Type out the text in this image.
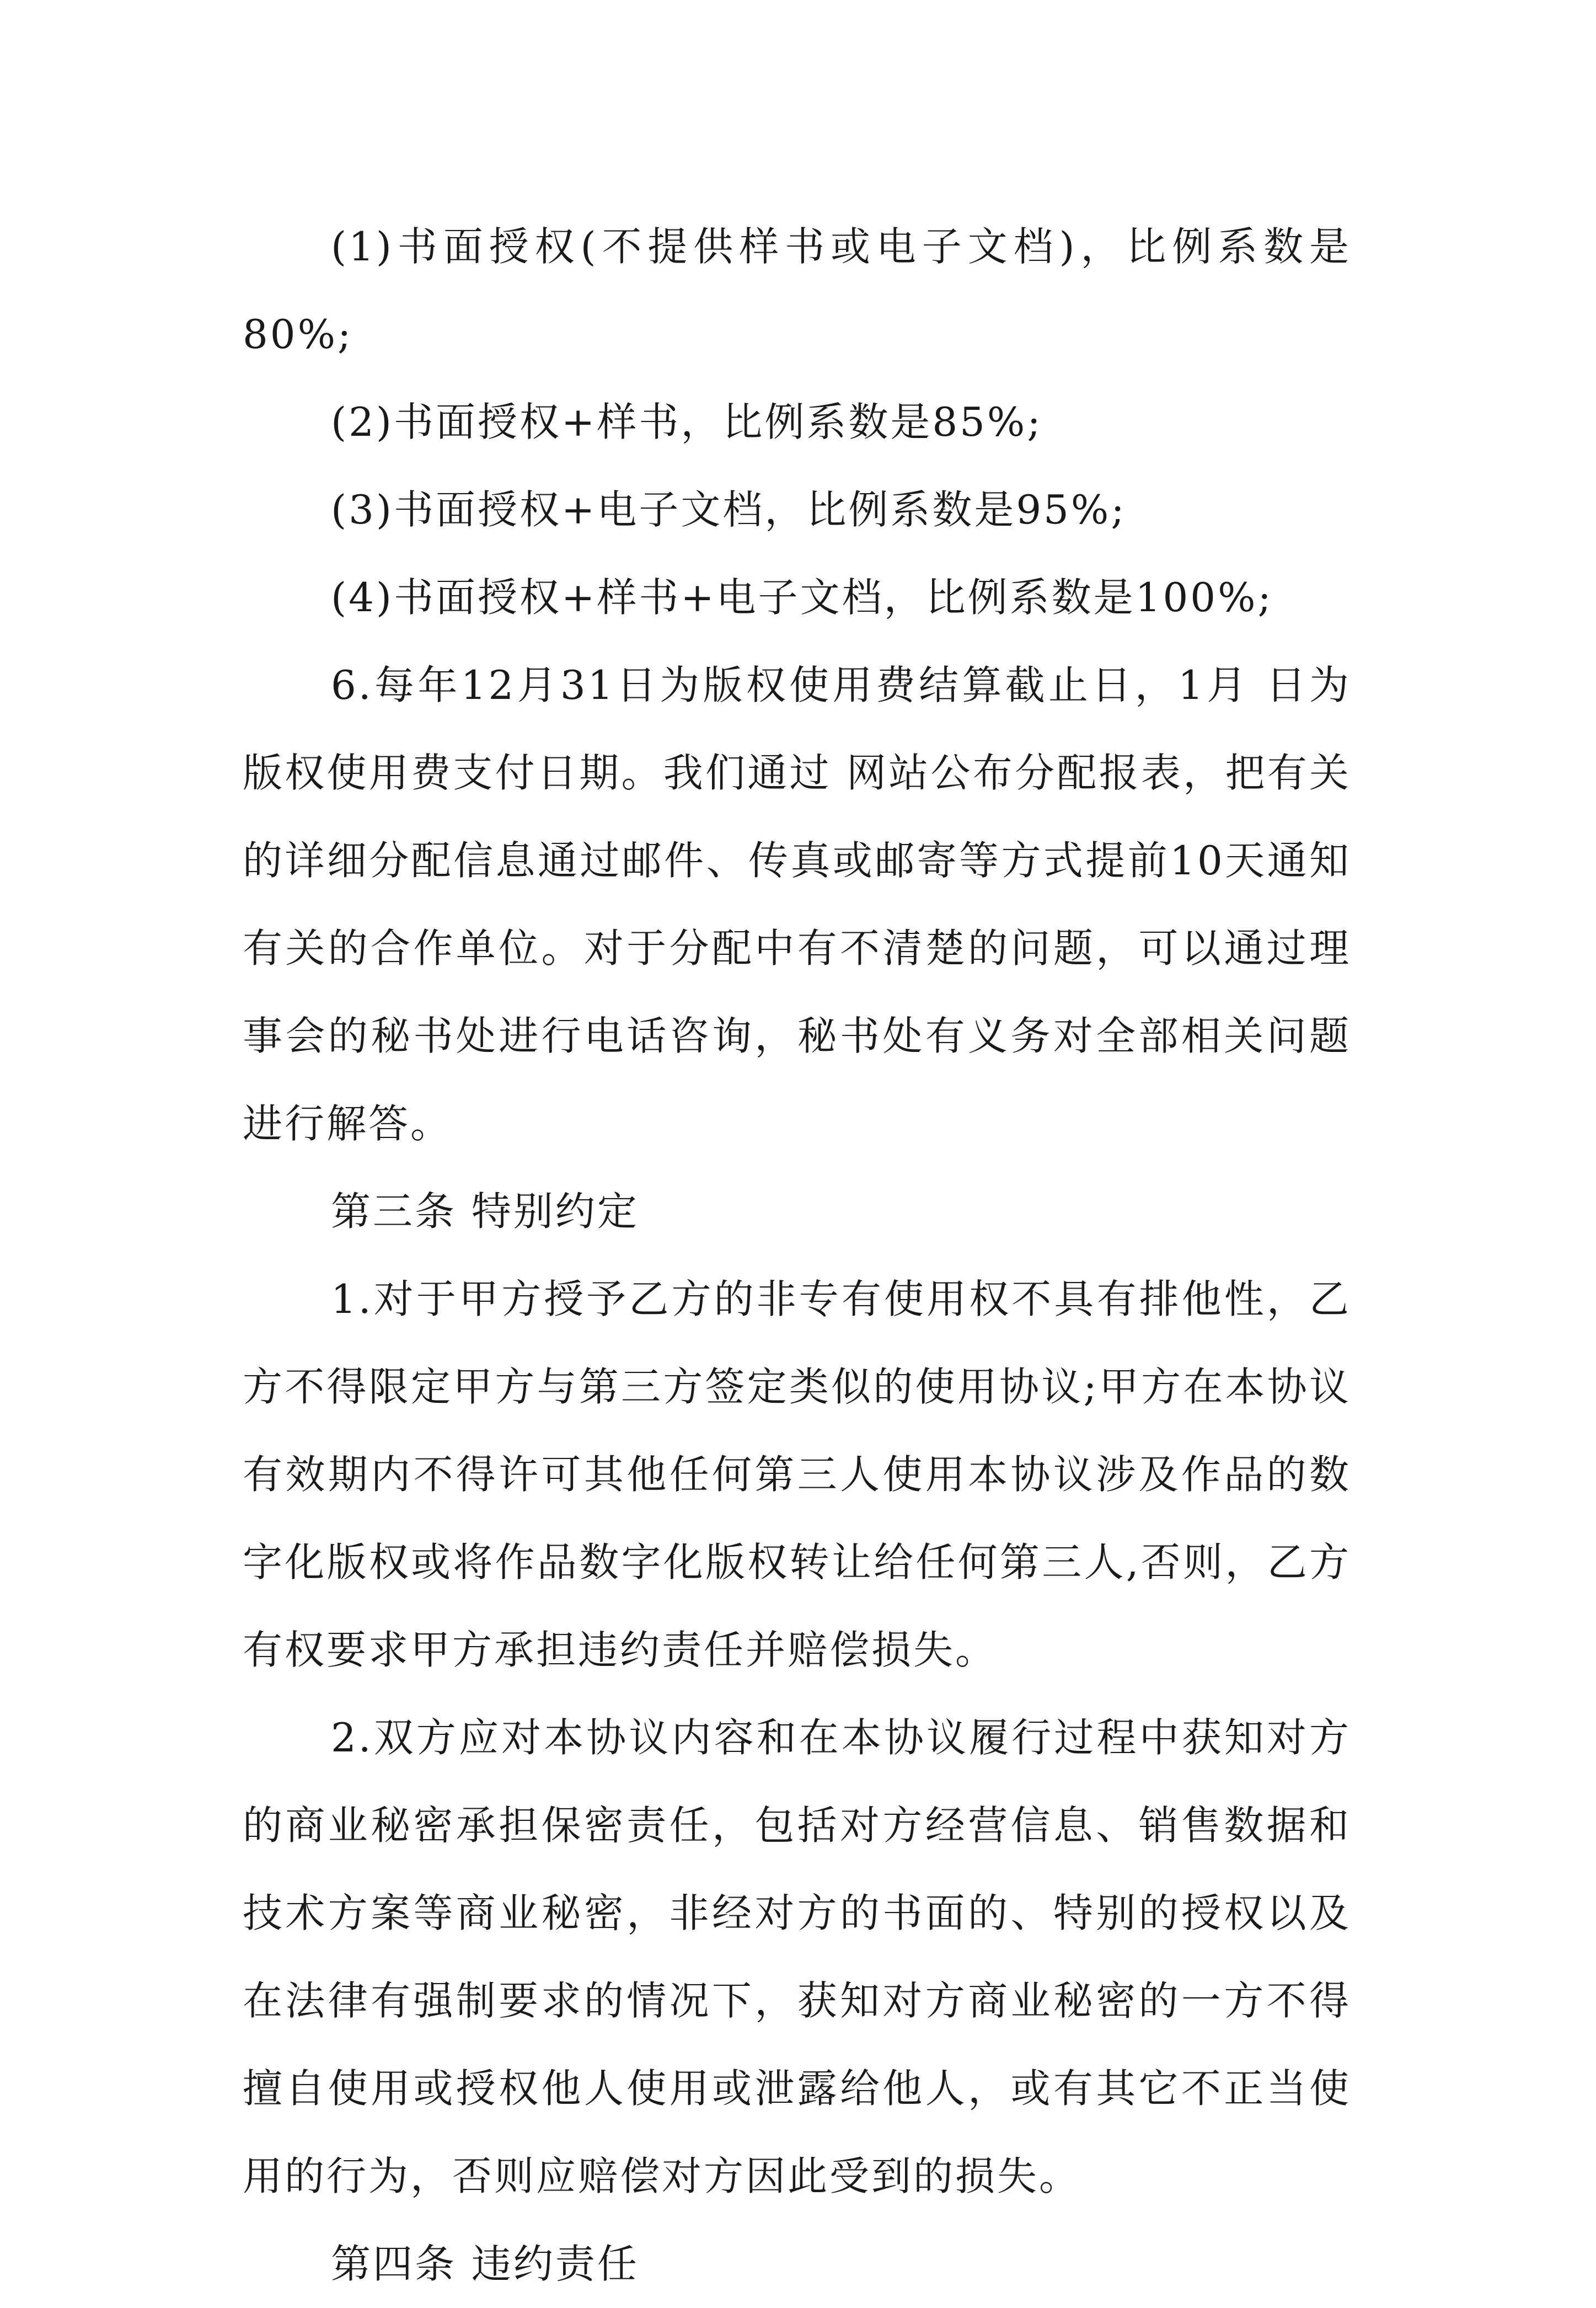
(1)书面授权(不提供样书或电子文档)，比例系数是80%;

(2)书面授权+样书，比例系数是85%;

(3)书面授权+电子文档，比例系数是95%;

(4)书面授权+样书+电子文档，比例系数是100%;

6.每年12月31日为版权使用费结算截止日，1月 日为版权使用费支付日期。我们通过 网站公布分配报表，把有关的详细分配信息通过邮件、传真或邮寄等方式提前10天通知有关的合作单位。对于分配中有不清楚的问题，可以通过理事会的秘书处进行电话咨询，秘书处有义务对全部相关问题进行解答。

第三条 特别约定

1.对于甲方授予乙方的非专有使用权不具有排他性，乙方不得限定甲方与第三方签定类似的使用协议;甲方在本协议有效期内不得许可其他任何第三人使用本协议涉及作品的数字化版权或将作品数字化版权转让给任何第三人,否则，乙方有权要求甲方承担违约责任并赔偿损失。

2.双方应对本协议内容和在本协议履行过程中获知对方的商业秘密承担保密责任，包括对方经营信息、销售数据和技术方案等商业秘密，非经对方的书面的、特别的授权以及在法律有强制要求的情况下，获知对方商业秘密的一方不得擅自使用或授权他人使用或泄露给他人，或有其它不正当使用的行为，否则应赔偿对方因此受到的损失。

第四条 违约责任
